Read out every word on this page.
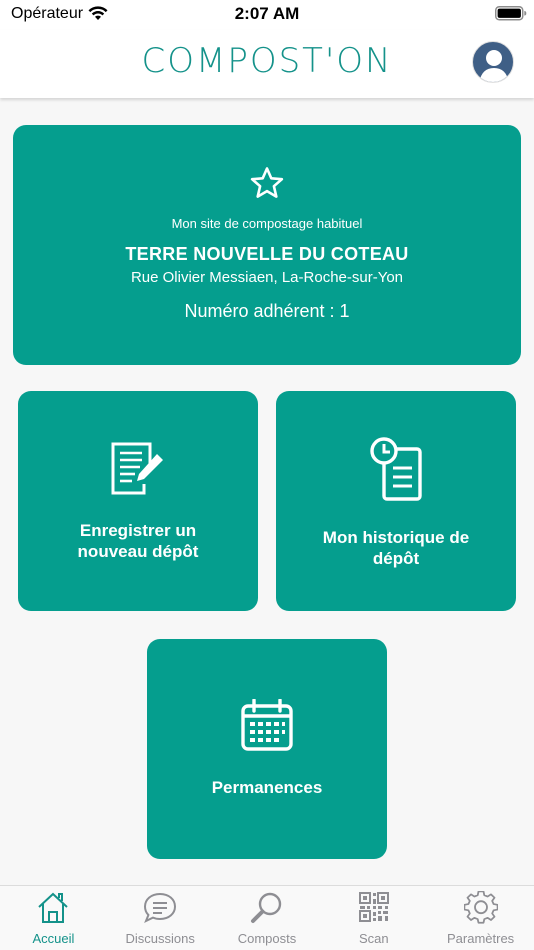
Opérateur	2:07 AM
COMPOST'ON
Mon site de compostage habituel
TERRE NOUVELLE DU COTEAU
Rue Olivier Messiaen, La-Roche-sur-Yon
Numéro adhérent : 1
Enregistrer un
nouveau dépôt
Mon historique de
dépôt
Permanences
Accueil	Discussions	Composts	Scan	Paramètres
